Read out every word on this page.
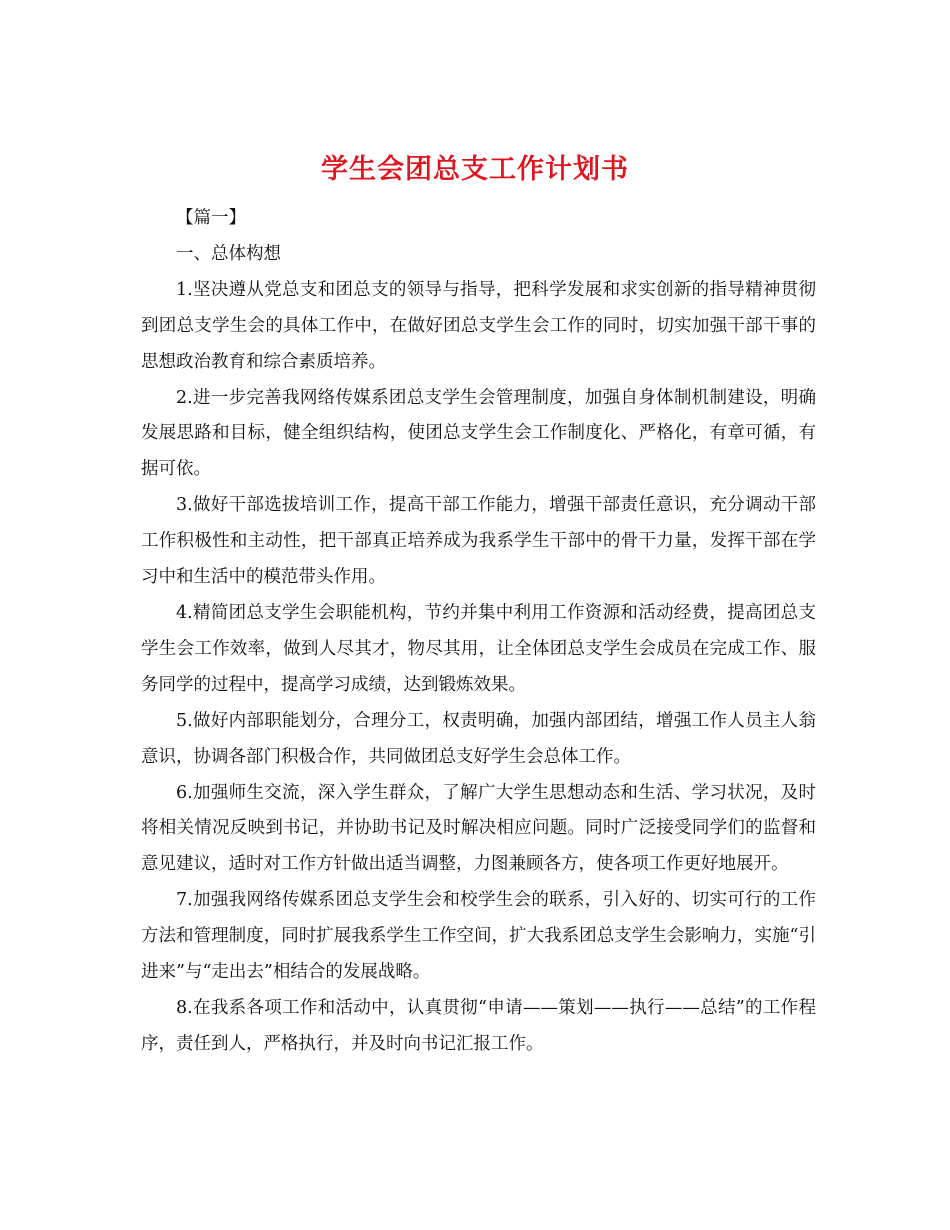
学生会团总支工作计划书

【篇一】

一、总体构想

1.坚决遵从党总支和团总支的领导与指导，把科学发展和求实创新的指导精神贯彻到团总支学生会的具体工作中，在做好团总支学生会工作的同时，切实加强干部干事的思想政治教育和综合素质培养。

2.进一步完善我网络传媒系团总支学生会管理制度，加强自身体制机制建设，明确发展思路和目标，健全组织结构，使团总支学生会工作制度化、严格化，有章可循，有据可依。

3.做好干部选拔培训工作，提高干部工作能力，增强干部责任意识，充分调动干部工作积极性和主动性，把干部真正培养成为我系学生干部中的骨干力量，发挥干部在学习中和生活中的模范带头作用。

4.精简团总支学生会职能机构，节约并集中利用工作资源和活动经费，提高团总支学生会工作效率，做到人尽其才，物尽其用，让全体团总支学生会成员在完成工作、服务同学的过程中，提高学习成绩，达到锻炼效果。

5.做好内部职能划分，合理分工，权责明确，加强内部团结，增强工作人员主人翁意识，协调各部门积极合作，共同做团总支好学生会总体工作。

6.加强师生交流，深入学生群众，了解广大学生思想动态和生活、学习状况，及时将相关情况反映到书记，并协助书记及时解决相应问题。同时广泛接受同学们的监督和意见建议，适时对工作方针做出适当调整，力图兼顾各方，使各项工作更好地展开。

7.加强我网络传媒系团总支学生会和校学生会的联系，引入好的、切实可行的工作方法和管理制度，同时扩展我系学生工作空间，扩大我系团总支学生会影响力，实施“引进来”与“走出去”相结合的发展战略。

8.在我系各项工作和活动中，认真贯彻“申请——策划——执行——总结”的工作程序，责任到人，严格执行，并及时向书记汇报工作。
